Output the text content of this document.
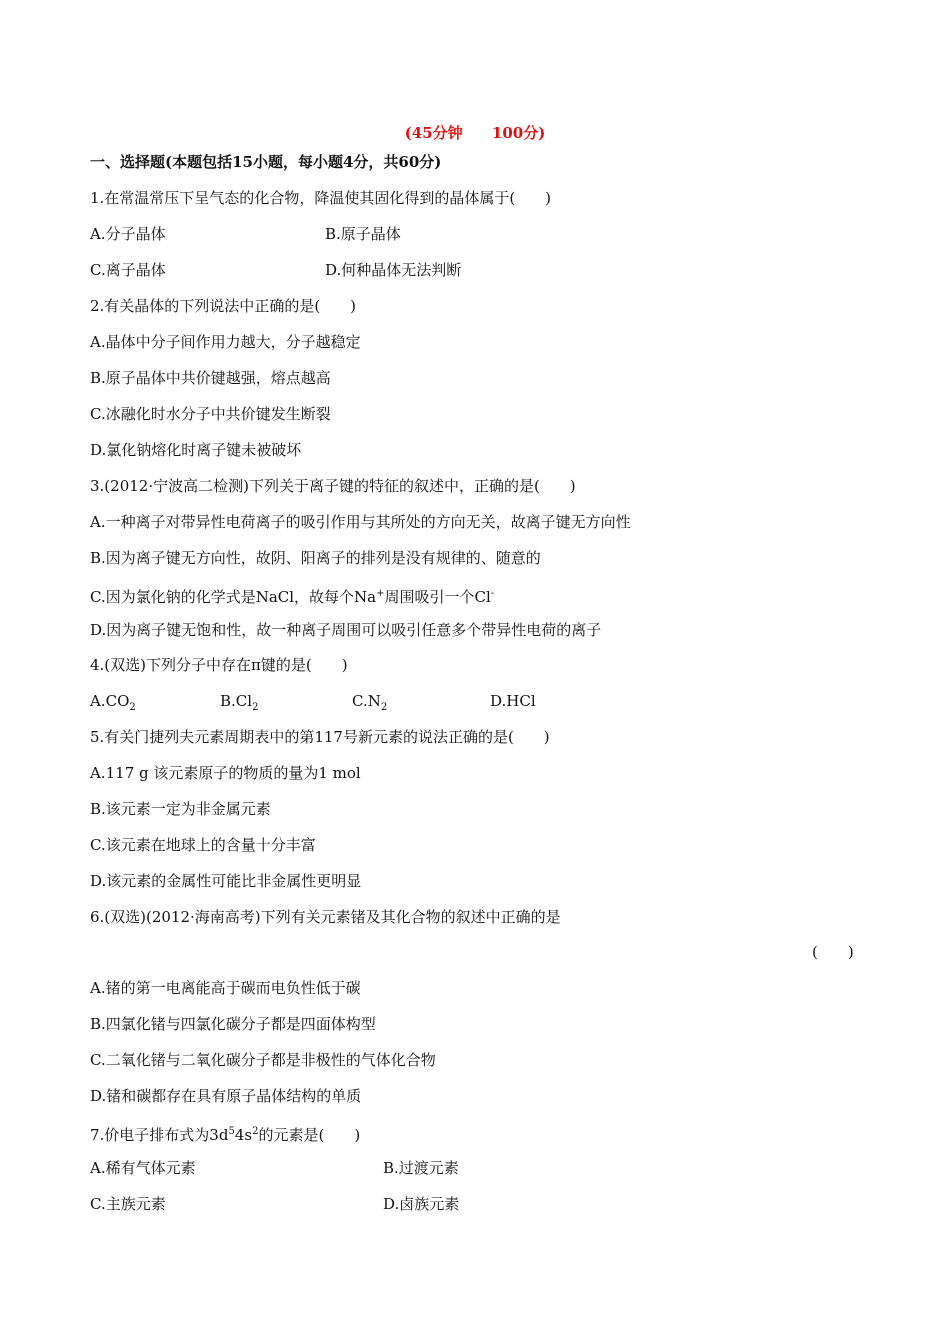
(45分钟 100分)
一、选择题(本题包括15小题，每小题4分，共60分)
1.在常温常压下呈气态的化合物，降温使其固化得到的晶体属于(　　)
A.分子晶体	B.原子晶体
C.离子晶体	D.何种晶体无法判断
2.有关晶体的下列说法中正确的是(　　)
A.晶体中分子间作用力越大，分子越稳定
B.原子晶体中共价键越强，熔点越高
C.冰融化时水分子中共价键发生断裂
D.氯化钠熔化时离子键未被破坏
3.(2012·宁波高二检测)下列关于离子键的特征的叙述中，正确的是(　　)
A.一种离子对带异性电荷离子的吸引作用与其所处的方向无关，故离子键无方向性
B.因为离子键无方向性，故阴、阳离子的排列是没有规律的、随意的
C.因为氯化钠的化学式是NaCl，故每个Na+周围吸引一个Cl-
D.因为离子键无饱和性，故一种离子周围可以吸引任意多个带异性电荷的离子
4.(双选)下列分子中存在π键的是(　　)
$A.CO_2$	$B.Cl_2$	$C.N_2$	D.HCl
5.有关门捷列夫元素周期表中的第117号新元素的说法正确的是(　　)
A.117 g 该元素原子的物质的量为1 mol
B.该元素一定为非金属元素
C.该元素在地球上的含量十分丰富
D.该元素的金属性可能比非金属性更明显
6.(双选)(2012·海南高考)下列有关元素锗及其化合物的叙述中正确的是
(　　)
A.锗的第一电离能高于碳而电负性低于碳
B.四氯化锗与四氯化碳分子都是四面体构型
C.二氧化锗与二氧化碳分子都是非极性的气体化合物
D.锗和碳都存在具有原子晶体结构的单质
7.价电子排布式为$3d^54s^2$的元素是(　　)
A.稀有气体元素	B.过渡元素
C.主族元素	D.卤族元素
